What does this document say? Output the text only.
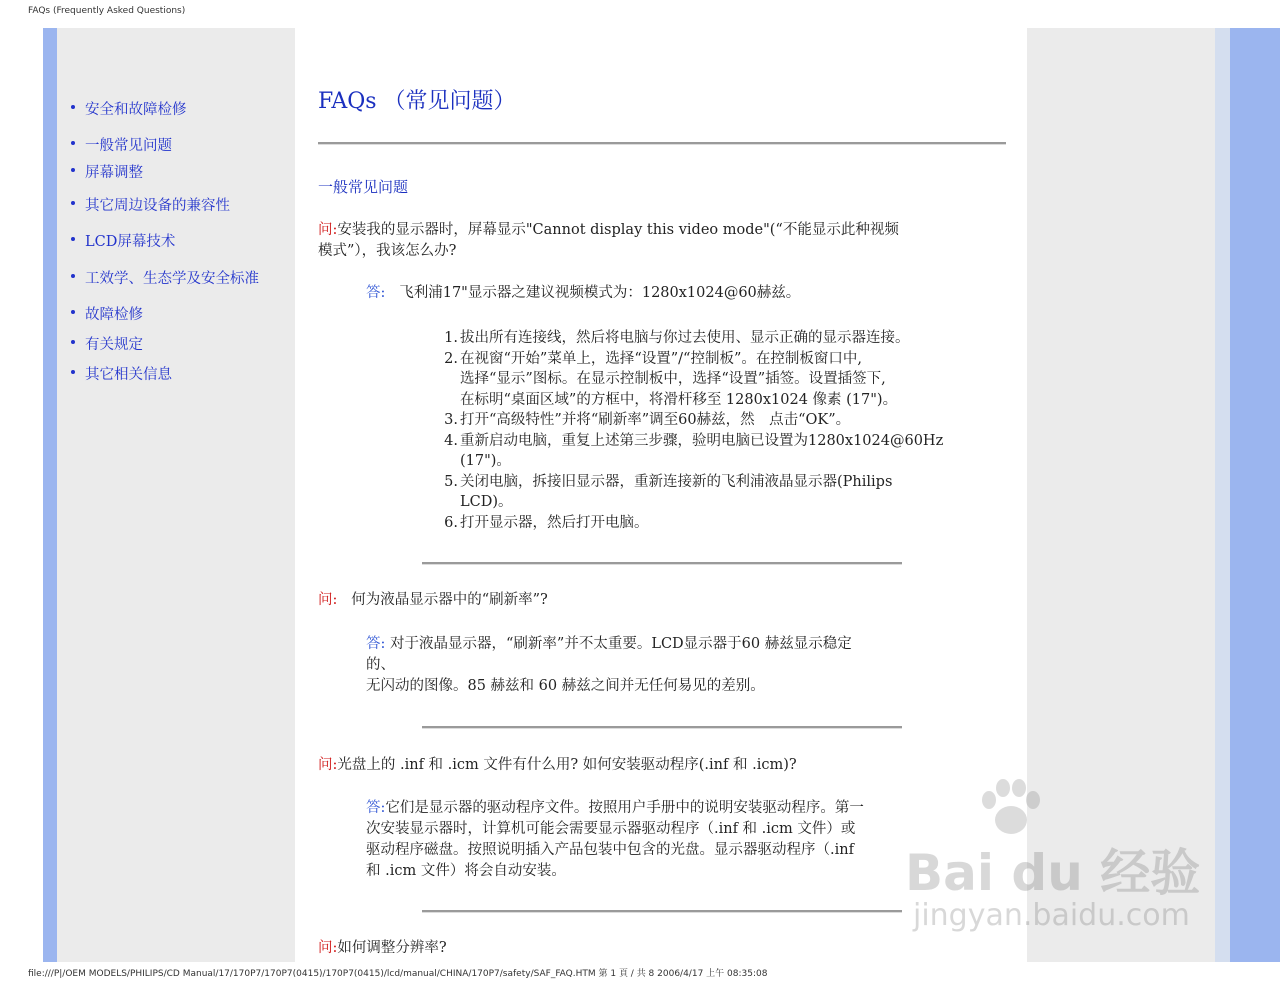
FAQs (Frequently Asked Questions)
安全和故障检修
一般常见问题
屏幕调整
其它周边设备的兼容性
LCD屏幕技术
工效学、生态学及安全标准
故障检修
有关规定
其它相关信息
FAQs （常见问题）
一般常见问题
问:安装我的显示器时，屏幕显示"Cannot display this video mode"(“不能显示此种视频
模式”），我该怎么办?
答: 飞利浦17"显示器之建议视频模式为：1280x1024@60赫兹。
1. 拔出所有连接线，然后将电脑与你过去使用、显示正确的显示器连接。
2. 在视窗“开始”菜单上，选择“设置”/“控制板”。在控制板窗口中,
选择“显示”图标。在显示控制板中，选择“设置”插签。设置插签下,
在标明“桌面区域”的方框中，将滑杆移至 1280x1024 像素 (17")。
3. 打开“高级特性”并将“刷新率”调至60赫兹，然　点击“OK”。
4. 重新启动电脑，重复上述第三步骤，验明电脑已设置为1280x1024@60Hz
(17")。
5. 关闭电脑，拆接旧显示器，重新连接新的飞利浦液晶显示器(Philips
LCD)。
6. 打开显示器，然后打开电脑。
问: 何为液晶显示器中的“刷新率”?
答: 对于液晶显示器，“刷新率”并不太重要。LCD显示器于60 赫兹显示稳定
的、
无闪动的图像。85 赫兹和 60 赫兹之间并无任何易见的差别。
问:光盘上的 .inf 和 .icm 文件有什么用? 如何安装驱动程序(.inf 和 .icm)?
答:它们是显示器的驱动程序文件。按照用户手册中的说明安装驱动程序。第一
次安装显示器时，计算机可能会需要显示器驱动程序（.inf 和 .icm 文件）或
驱动程序磁盘。按照说明插入产品包装中包含的光盘。显示器驱动程序（.inf
和 .icm 文件）将会自动安装。
问:如何调整分辨率?
Bai du 经验
jingyan.baidu.com
file:///P|/OEM MODELS/PHILIPS/CD Manual/17/170P7/170P7(0415)/170P7(0415)/lcd/manual/CHINA/170P7/safety/SAF_FAQ.HTM 第 1 頁 / 共 8 2006/4/17 上午 08:35:08
